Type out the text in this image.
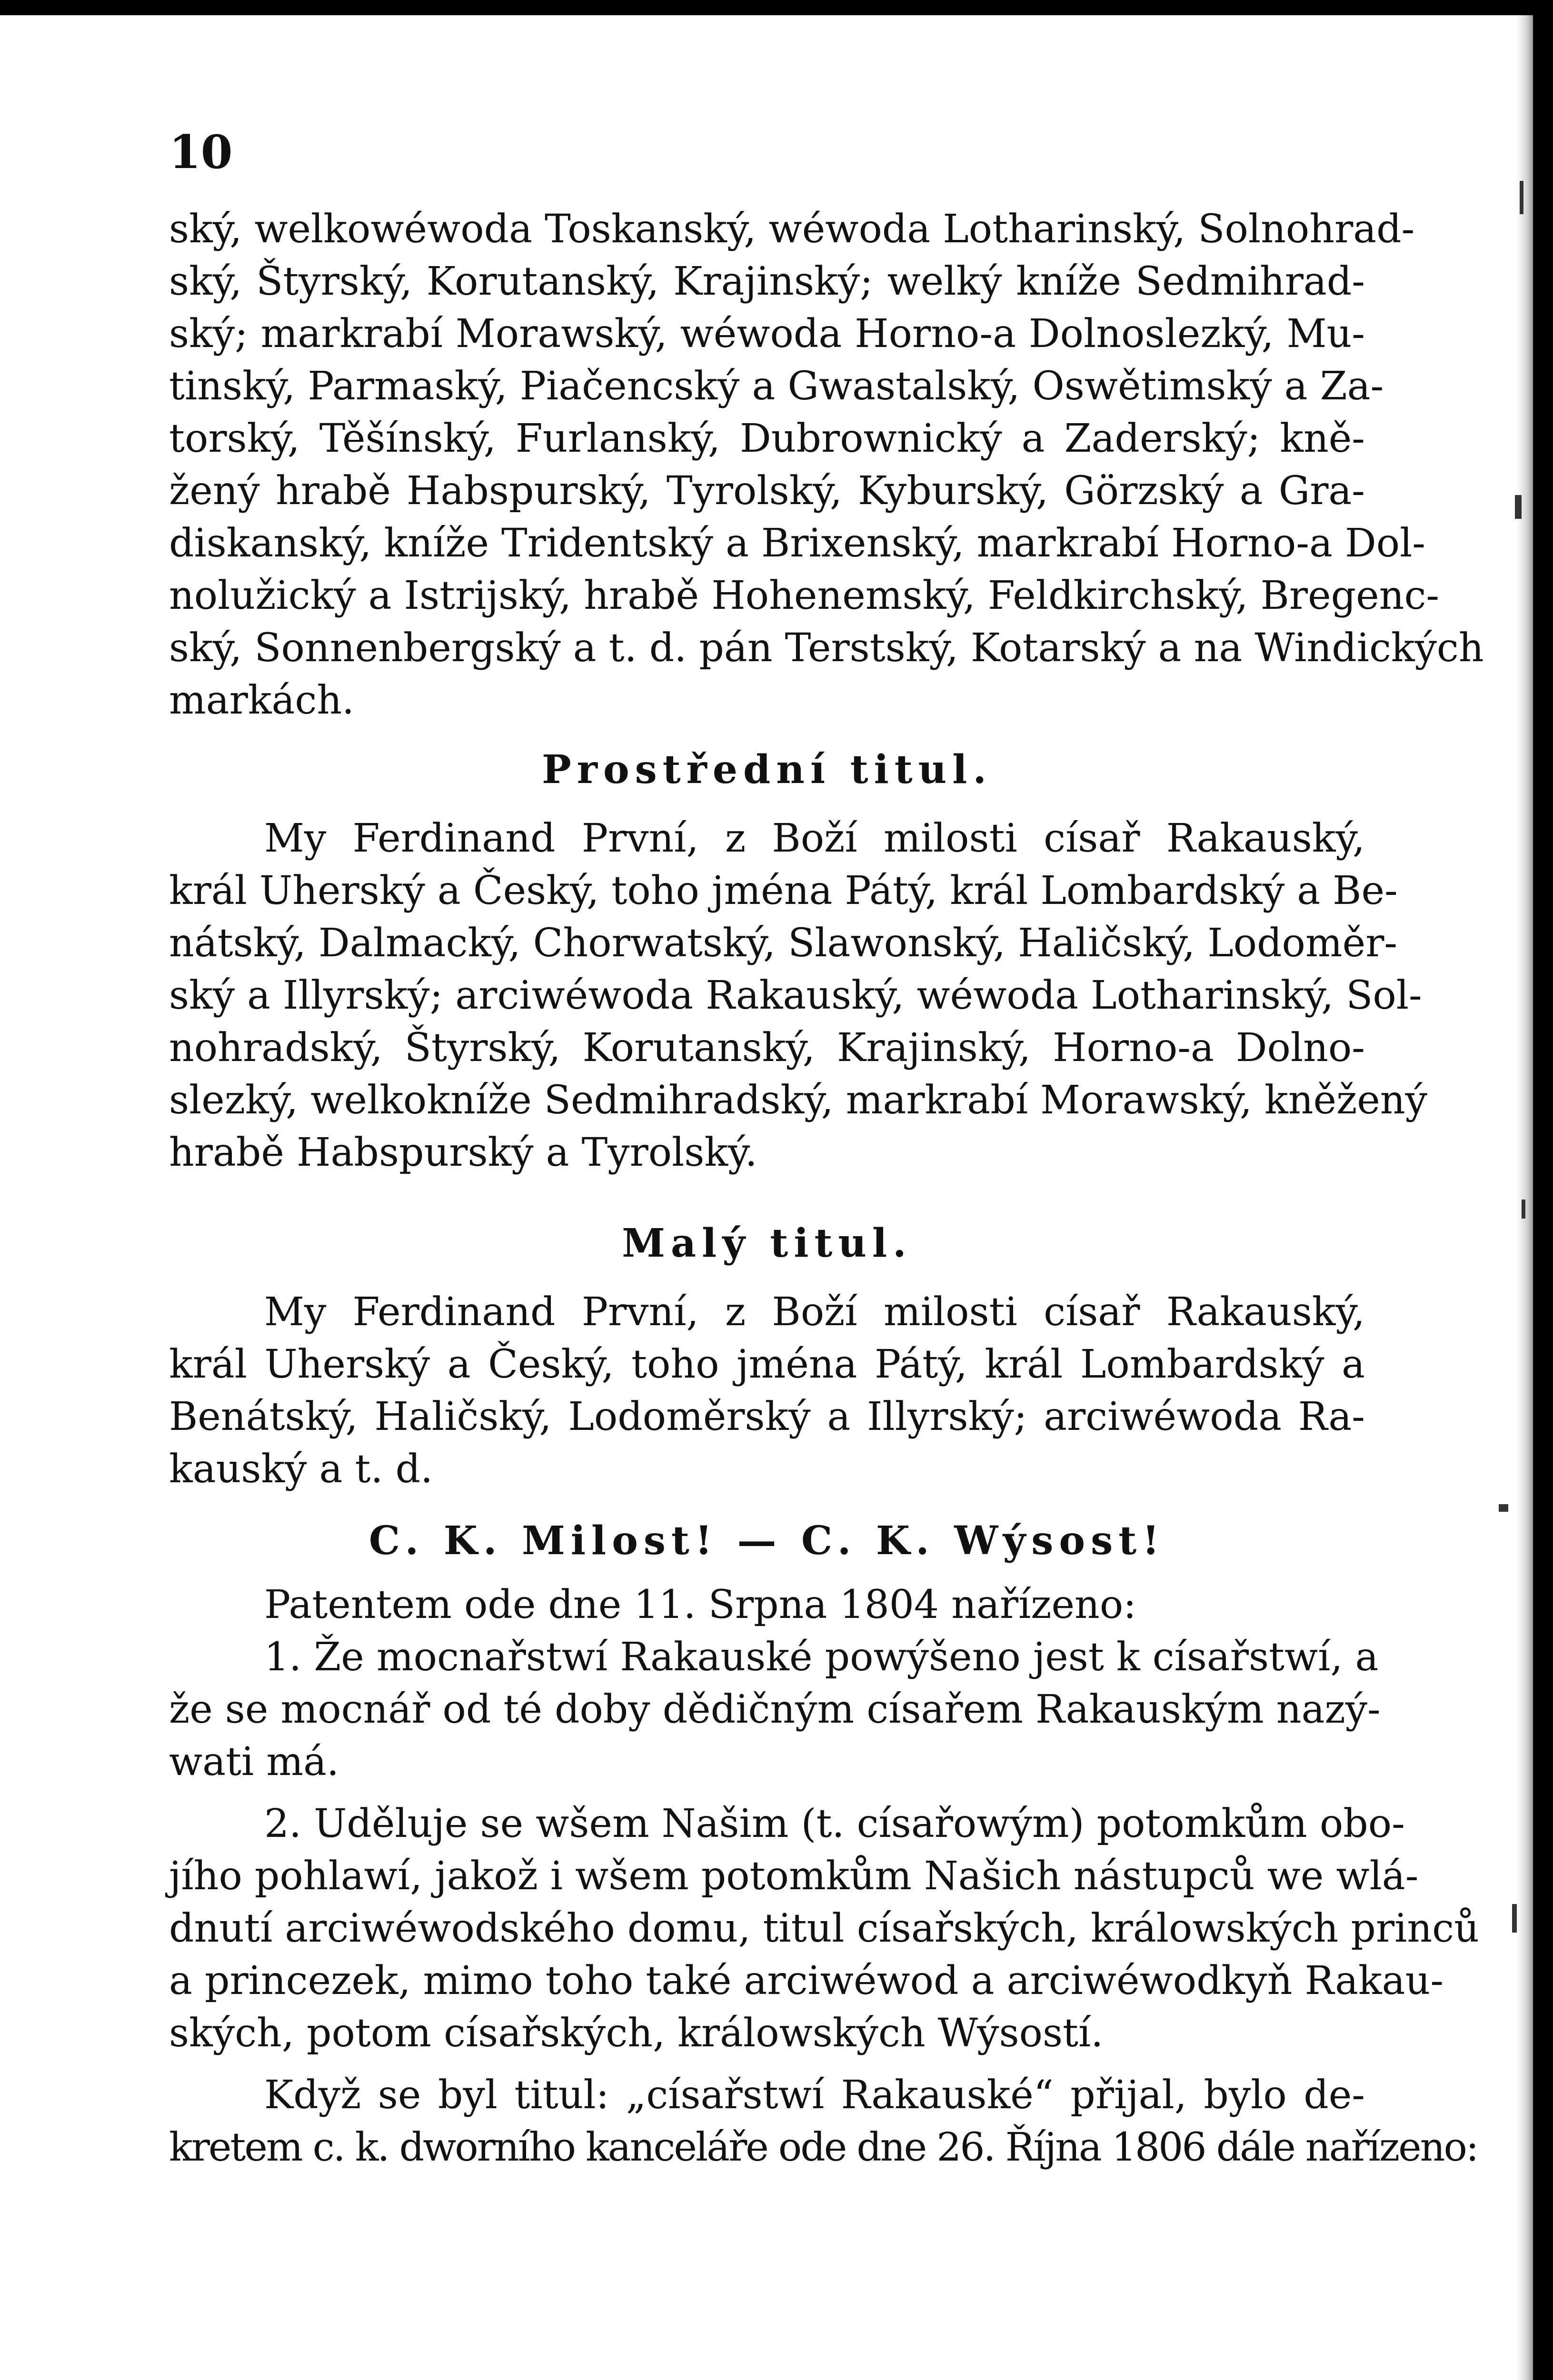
10
ský, welkowéwoda Toskanský, wéwoda Lotharinský, Solnohrad-
ský, Štyrský, Korutanský, Krajinský; welký kníže Sedmihrad-
ský; markrabí Morawský, wéwoda Horno-a Dolnoslezký, Mu-
tinský, Parmaský, Piačencský a Gwastalský, Oswětimský a Za-
torský, Těšínský, Furlanský, Dubrownický a Zaderský; kně-
žený hrabě Habspurský, Tyrolský, Kyburský, Görzský a Gra-
diskanský, kníže Tridentský a Brixenský, markrabí Horno-a Dol-
nolužický a Istrijský, hrabě Hohenemský, Feldkirchský, Bregenc-
ský, Sonnenbergský a t. d. pán Terstský, Kotarský a na Windických
markách.
Prostřední titul.
My Ferdinand První, z Boží milosti císař Rakauský,
král Uherský a Český, toho jména Pátý, král Lombardský a Be-
nátský, Dalmacký, Chorwatský, Slawonský, Haličský, Lodoměr-
ský a Illyrský; arciwéwoda Rakauský, wéwoda Lotharinský, Sol-
nohradský, Štyrský, Korutanský, Krajinský, Horno-a Dolno-
slezký, welkokníže Sedmihradský, markrabí Morawský, kněžený
hrabě Habspurský a Tyrolský.
Malý titul.
My Ferdinand První, z Boží milosti císař Rakauský,
král Uherský a Český, toho jména Pátý, král Lombardský a
Benátský, Haličský, Lodoměrský a Illyrský; arciwéwoda Ra-
kauský a t. d.
C. K. Milost! — C. K. Wýsost!
Patentem ode dne 11. Srpna 1804 nařízeno:
1. Že mocnařstwí Rakauské powýšeno jest k císařstwí, a
že se mocnář od té doby dědičným císařem Rakauským nazý-
wati má.
2. Uděluje se wšem Našim (t. císařowým) potomkům obo-
jího pohlawí, jakož i wšem potomkům Našich nástupců we wlá-
dnutí arciwéwodského domu, titul císařských, králowských princů
a princezek, mimo toho také arciwéwod a arciwéwodkyň Rakau-
ských, potom císařských, králowských Wýsostí.
Když se byl titul: „císařstwí Rakauské“ přijal, bylo de-
kretem c. k. dworního kanceláře ode dne 26. Října 1806 dále nařízeno:
